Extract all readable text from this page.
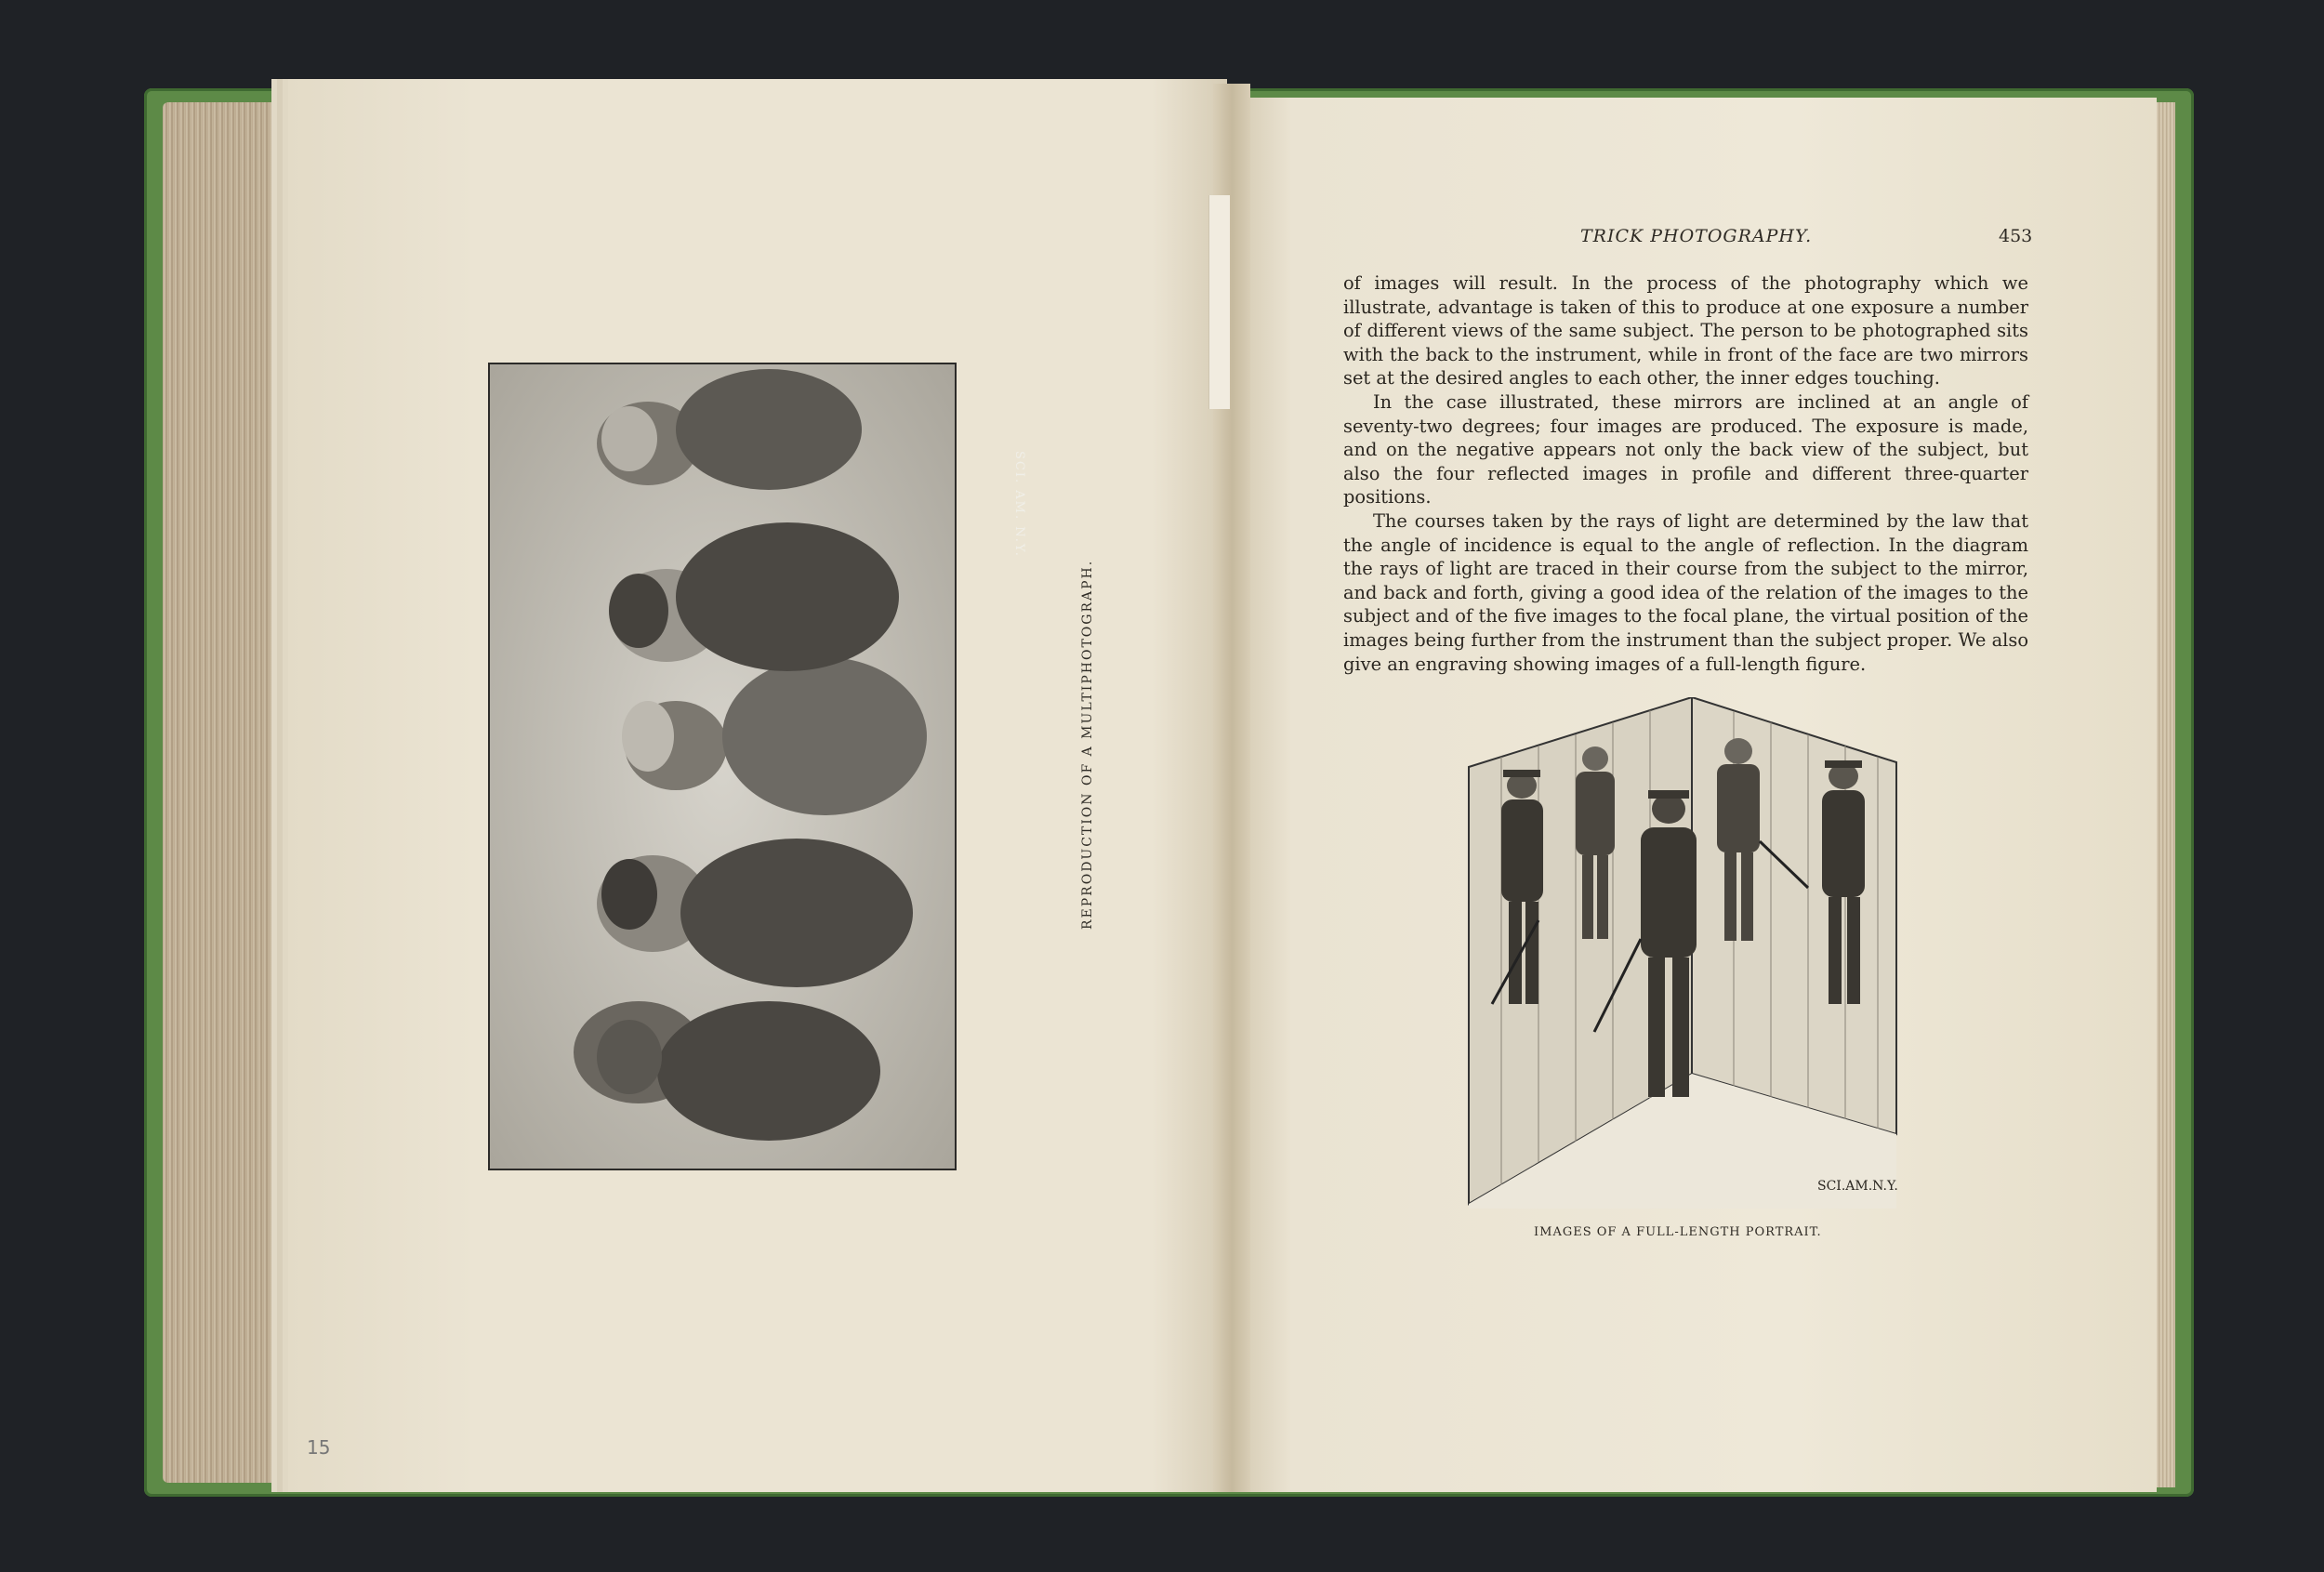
SCI. AM. N.Y.
REPRODUCTION OF A MULTIPHOTOGRAPH.
15
TRICK PHOTOGRAPHY.	453

of images will result. In the process of the photography which we illustrate, advantage is taken of this to produce at one exposure a number of different views of the same subject. The person to be photographed sits with the back to the instrument, while in front of the face are two mirrors set at the desired angles to each other, the inner edges touching.

In the case illustrated, these mirrors are inclined at an angle of seventy-two degrees; four images are produced. The exposure is made, and on the negative appears not only the back view of the subject, but also the four reflected images in profile and different three-quarter positions.

The courses taken by the rays of light are determined by the law that the angle of incidence is equal to the angle of reflection. In the diagram the rays of light are traced in their course from the subject to the mirror, and back and forth, giving a good idea of the relation of the images to the subject and of the five images to the focal plane, the virtual position of the images being further from the instrument than the subject proper. We also give an engraving showing images of a full-length figure.

SCI.AM.N.Y.
IMAGES OF A FULL-LENGTH PORTRAIT.
